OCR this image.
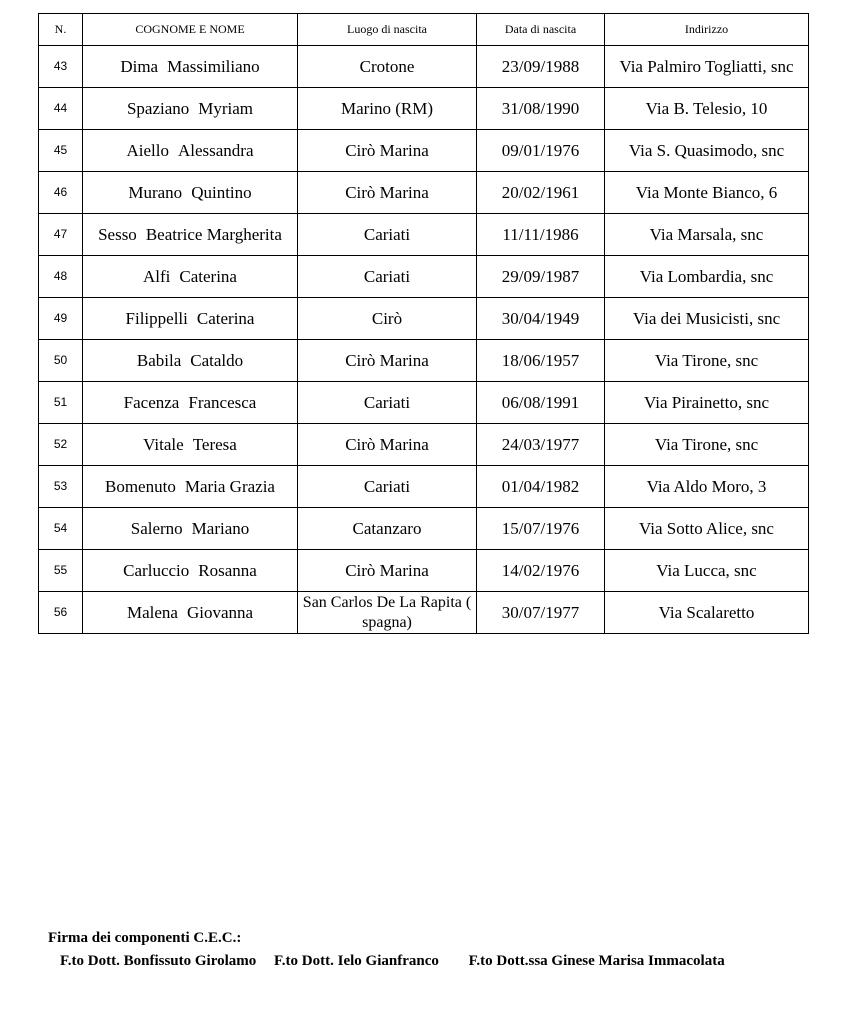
N.	COGNOME E NOME	Luogo di nascita	Data di nascita	Indirizzo
43	Dima Massimiliano	Crotone	23/09/1988	Via Palmiro Togliatti, snc
44	Spaziano Myriam	Marino (RM)	31/08/1990	Via B. Telesio, 10
45	Aiello Alessandra	Cirò Marina	09/01/1976	Via S. Quasimodo, snc
46	Murano Quintino	Cirò Marina	20/02/1961	Via Monte Bianco, 6
47	Sesso Beatrice Margherita	Cariati	11/11/1986	Via Marsala, snc
48	Alfi Caterina	Cariati	29/09/1987	Via Lombardia, snc
49	Filippelli Caterina	Cirò	30/04/1949	Via dei Musicisti, snc
50	Babila Cataldo	Cirò Marina	18/06/1957	Via Tirone, snc
51	Facenza Francesca	Cariati	06/08/1991	Via Pirainetto, snc
52	Vitale Teresa	Cirò Marina	24/03/1977	Via Tirone, snc
53	Bomenuto Maria Grazia	Cariati	01/04/1982	Via Aldo Moro, 3
54	Salerno Mariano	Catanzaro	15/07/1976	Via Sotto Alice, snc
55	Carluccio Rosanna	Cirò Marina	14/02/1976	Via Lucca, snc
56	Malena Giovanna	San Carlos De La Rapita ( spagna)	30/07/1977	Via Scalaretto
Firma dei componenti C.E.C.:
F.to Dott. Bonfissuto Girolamo F.to Dott. Ielo Gianfranco F.to Dott.ssa Ginese Marisa Immacolata
